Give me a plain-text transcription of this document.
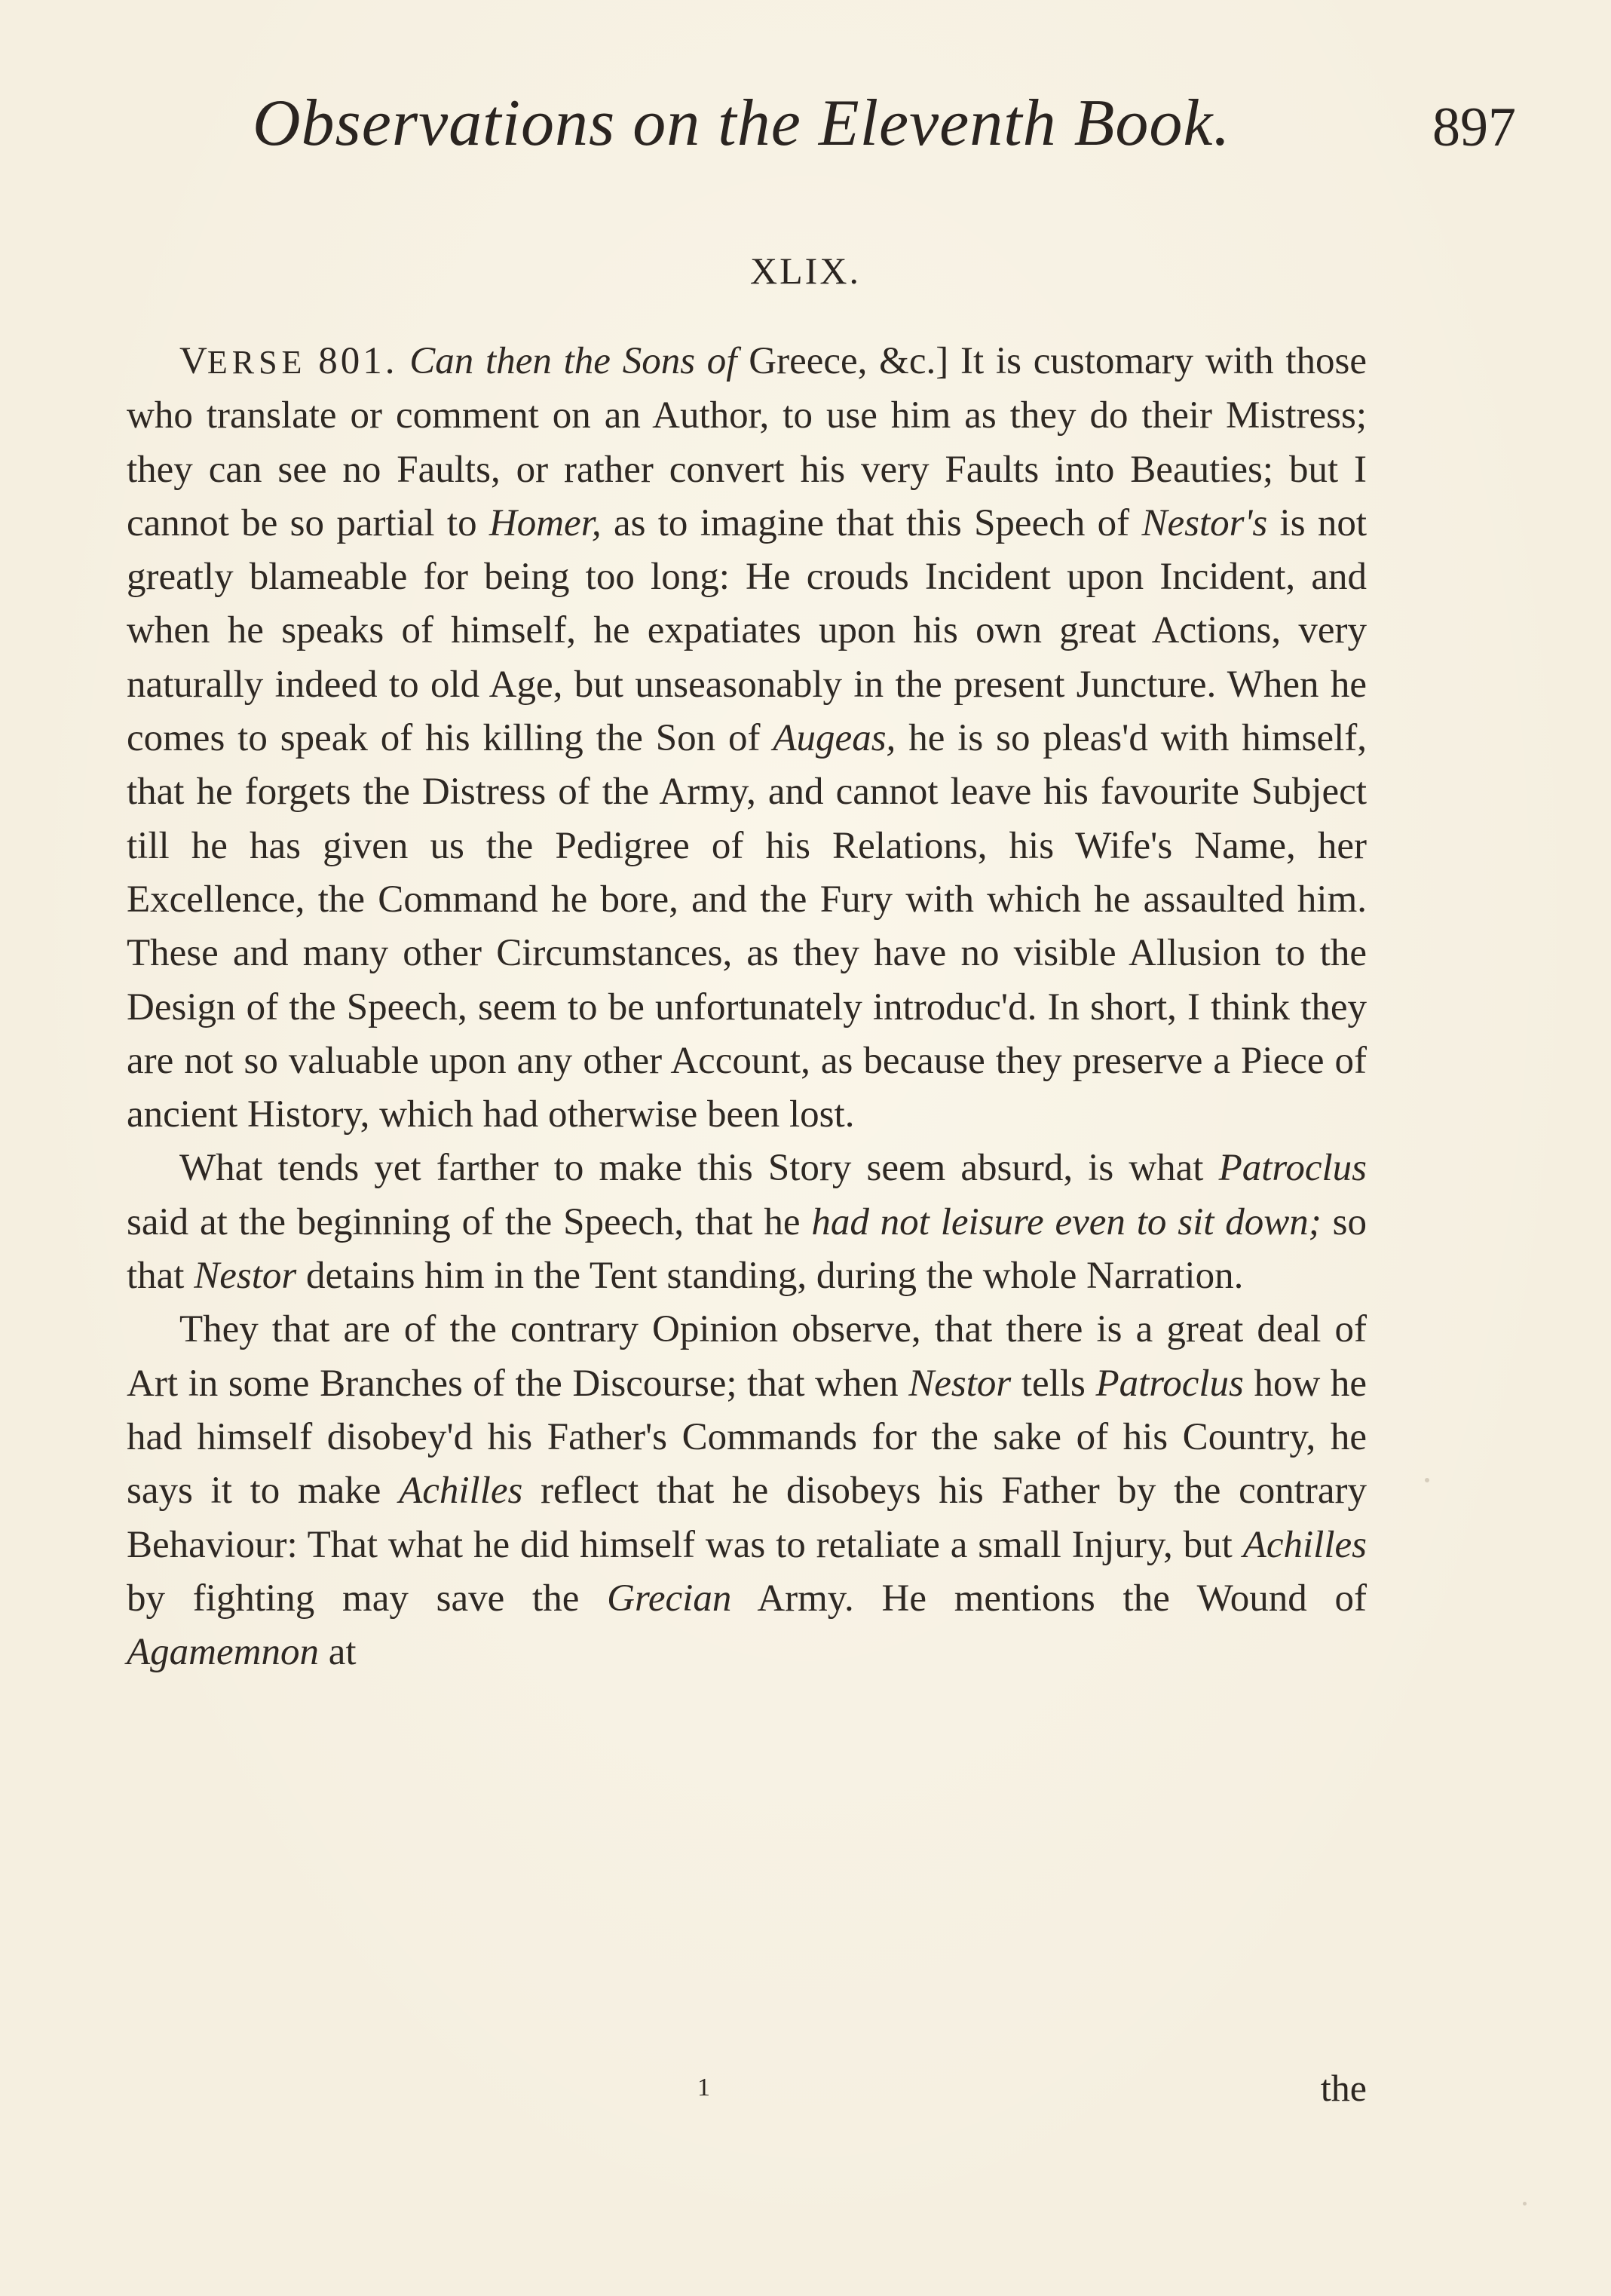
Observations on the Eleventh Book.	897
XLIX.

VERSE 801. Can then the Sons of Greece, &c.] It is customary with those who translate or comment on an Author, to use him as they do their Mistress; they can see no Faults, or rather convert his very Faults into Beauties; but I cannot be so partial to Homer, as to imagine that this Speech of Nestor's is not greatly blameable for being too long: He crouds Incident upon Incident, and when he speaks of himself, he expatiates upon his own great Actions, very naturally indeed to old Age, but unseasonably in the present Juncture. When he comes to speak of his killing the Son of Augeas, he is so pleas'd with himself, that he forgets the Distress of the Army, and cannot leave his favourite Subject till he has given us the Pedigree of his Relations, his Wife's Name, her Excellence, the Command he bore, and the Fury with which he assaulted him. These and many other Circumstances, as they have no visible Allusion to the Design of the Speech, seem to be unfortunately introduc'd. In short, I think they are not so valuable upon any other Account, as because they preserve a Piece of ancient History, which had otherwise been lost.

What tends yet farther to make this Story seem absurd, is what Patroclus said at the beginning of the Speech, that he had not leisure even to sit down; so that Nestor detains him in the Tent standing, during the whole Narration.

They that are of the contrary Opinion observe, that there is a great deal of Art in some Branches of the Discourse; that when Nestor tells Patroclus how he had himself disobey'd his Father's Commands for the sake of his Country, he says it to make Achilles reflect that he disobeys his Father by the contrary Behaviour: That what he did himself was to retaliate a small Injury, but Achilles by fighting may save the Grecian Army. He mentions the Wound of Agamemnon at

1	the
